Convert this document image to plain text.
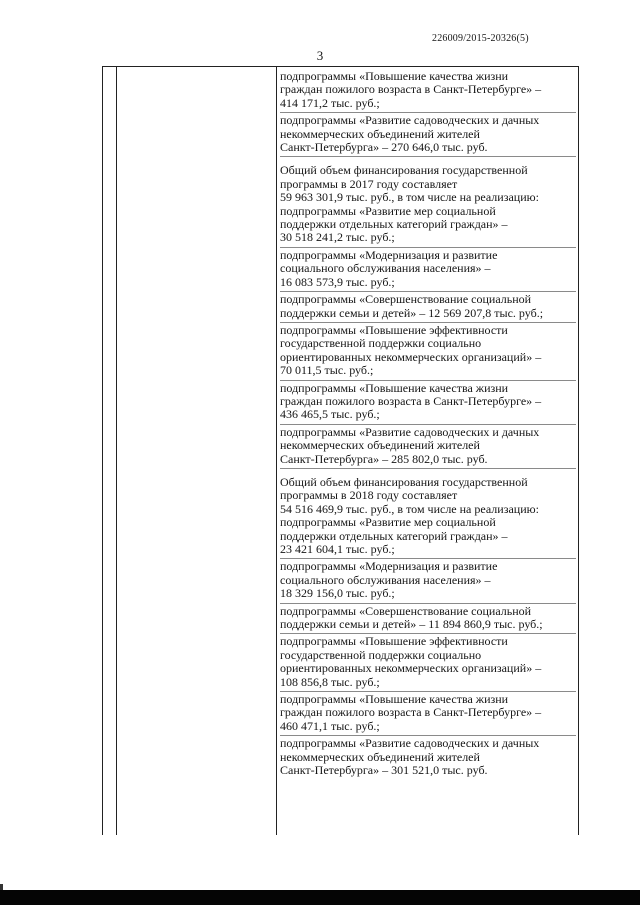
226009/2015-20326(5)
3
подпрограммы «Повышение качества жизни
граждан пожилого возраста в Санкт-Петербурге» –
414 171,2 тыс. руб.;
подпрограммы «Развитие садоводческих и дачных
некоммерческих объединений жителей
Санкт-Петербурга» – 270 646,0 тыс. руб.
Общий объем финансирования государственной
программы в 2017 году составляет
59 963 301,9 тыс. руб., в том числе на реализацию:
подпрограммы «Развитие мер социальной
поддержки отдельных категорий граждан» –
30 518 241,2 тыс. руб.;
подпрограммы «Модернизация и развитие
социального обслуживания населения» –
16 083 573,9 тыс. руб.;
подпрограммы «Совершенствование социальной
поддержки семьи и детей» – 12 569 207,8 тыс. руб.;
подпрограммы «Повышение эффективности
государственной поддержки социально
ориентированных некоммерческих организаций» –
70 011,5 тыс. руб.;
подпрограммы «Повышение качества жизни
граждан пожилого возраста в Санкт-Петербурге» –
436 465,5 тыс. руб.;
подпрограммы «Развитие садоводческих и дачных
некоммерческих объединений жителей
Санкт-Петербурга» – 285 802,0 тыс. руб.
Общий объем финансирования государственной
программы в 2018 году составляет
54 516 469,9 тыс. руб., в том числе на реализацию:
подпрограммы «Развитие мер социальной
поддержки отдельных категорий граждан» –
23 421 604,1 тыс. руб.;
подпрограммы «Модернизация и развитие
социального обслуживания населения» –
18 329 156,0 тыс. руб.;
подпрограммы «Совершенствование социальной
поддержки семьи и детей» – 11 894 860,9 тыс. руб.;
подпрограммы «Повышение эффективности
государственной поддержки социально
ориентированных некоммерческих организаций» –
108 856,8 тыс. руб.;
подпрограммы «Повышение качества жизни
граждан пожилого возраста в Санкт-Петербурге» –
460 471,1 тыс. руб.;
подпрограммы «Развитие садоводческих и дачных
некоммерческих объединений жителей
Санкт-Петербурга» – 301 521,0 тыс. руб.
